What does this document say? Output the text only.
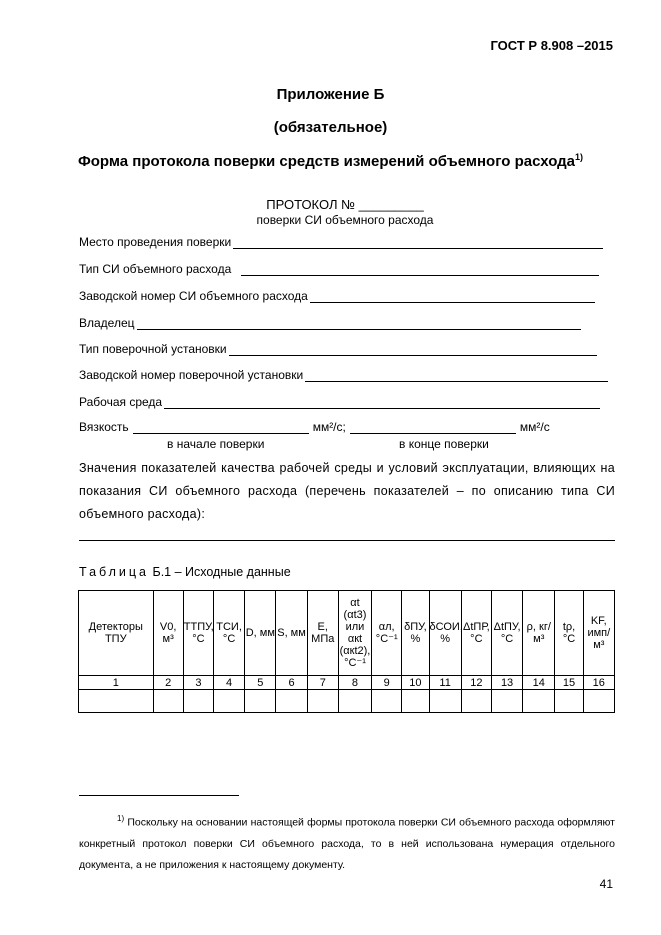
ГОСТ Р 8.908 –2015
Приложение Б
(обязательное)
Форма протокола поверки средств измерений объемного расхода$^{1)}$
ПРОТОКОЛ № _________
поверки СИ объемного расхода
Место проведения поверки
Тип СИ объемного расхода
Заводской номер СИ объемного расхода
Владелец
Тип поверочной установки
Заводской номер поверочной установки
Рабочая среда
Вязкость	мм²/с;	мм²/с
в начале поверки	в конце поверки
Значения показателей качества рабочей среды и условий эксплуатации, влияющих на показания СИ объемного расхода (перечень показателей – по описанию типа СИ объемного расхода):
Таблица Б.1 – Исходные данные
Детекторы ТПУ	V0, м³	TТПУ, °С	TСИ, °С	D, мм	S, мм	E, МПа	αt (αt3) или αкt (αкt2), °С⁻¹	αл, °С⁻¹	δПУ, %	δСОИ, %	ΔtПР, °С	ΔtПУ, °С	ρ, кг/м³	tρ, °С	KF, имп/м³
1	2	3	4	5	6	7	8	9	10	11	12	13	14	15	16

$^{1)}$ Поскольку на основании настоящей формы протокола поверки СИ объемного расхода оформляют конкретный протокол поверки СИ объемного расхода, то в ней использована нумерация отдельного документа, а не приложения к настоящему документу.
41
